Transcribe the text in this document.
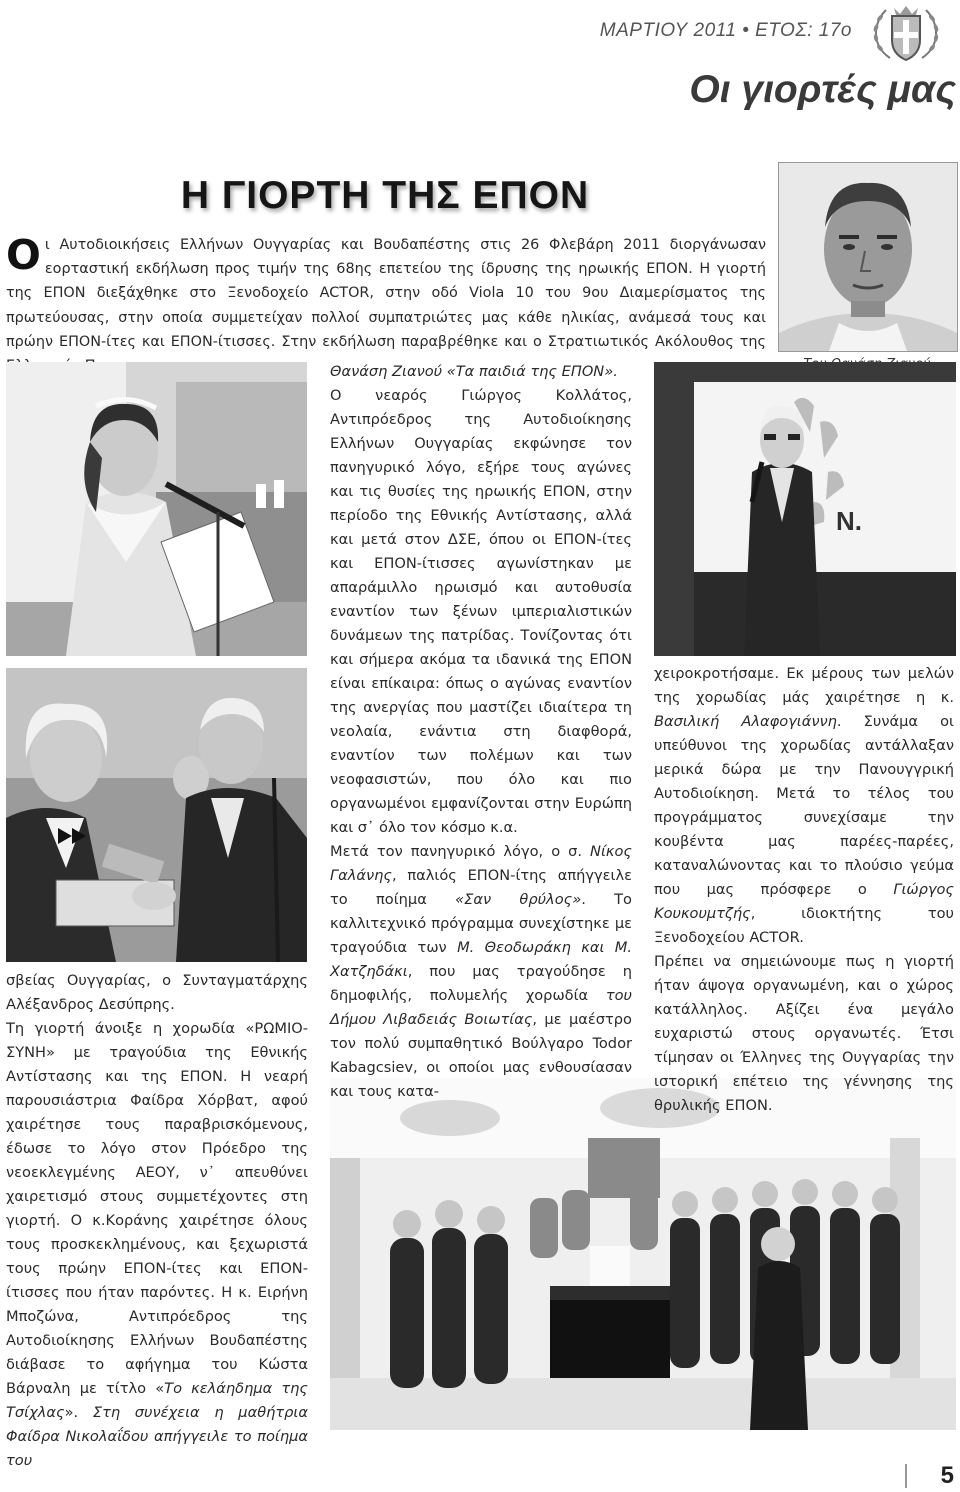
ΜΑΡΤΙΟΥ 2011 • ΕΤΟΣ: 17ο
Οι γιορτές μας
Η ΓΙΟΡΤΗ ΤΗΣ ΕΠΟΝ
Οι Αυτοδιοικήσεις Ελλήνων Ουγγαρίας και Βουδαπέστης στις 26 Φλεβάρη 2011 διοργάνωσαν εορταστική εκδήλωση προς τιμήν της 68ης επετείου της ίδρυσης της ηρωικής ΕΠΟΝ. Η γιορτή της ΕΠΟΝ διεξάχθηκε στο Ξενοδοχείο ACTOR, στην οδό Viola 10 του 9ου Διαμερίσματος της πρωτεύουσας, στην οποία συμμετείχαν πολλοί συμπατριώτες μας κάθε ηλικίας, ανάμεσά τους και πρώην ΕΠΟΝ-ίτες και ΕΠΟΝ-ίτισσες. Στην εκδήλωση παραβρέθηκε και ο Στρατιωτικός Ακόλουθος της
N.

σβείας Ουγγαρίας, ο Συνταγματάρχης Αλέξανδρος Δεσύπρης.

Τη γιορτή άνοιξε η χορωδία «ΡΩΜΙΟ-ΣΥΝΗ» με τραγούδια της Εθνικής Αντίστασης και της ΕΠΟΝ. Η νεαρή παρουσιάστρια Φαίδρα Χόρβατ, αφού χαιρέτησε τους παραβρισκόμενους, έδωσε το λόγο στον Πρόεδρο της νεοεκλεγμένης ΑΕΟΥ, ν᾽ απευθύνει χαιρετισμό στους συμμετέχοντες στη γιορτή. Ο κ.Κοράνης χαιρέτησε όλους τους προσκεκλημένους, και ξεχωριστά τους πρώην ΕΠΟΝ-ίτες και ΕΠΟΝ-ίτισσες που ήταν παρόντες. Η κ. Ειρήνη Μποζώνα, Αντιπρόεδρος της Αυτοδιοίκησης Ελλήνων Βουδαπέστης διάβασε το αφήγημα του Κώστα Βάρναλη με τίτλο «Το κελάηδημα της Τσίχλας». Στη συνέχεια η μαθήτρια Φαίδρα Νικολαΐδου απήγγειλε το ποίημα του

Θανάση Ζιανού «Τα παιδιά της ΕΠΟΝ».

Ο νεαρός Γιώργος Κολλάτος, Αντιπρόεδρος της Αυτοδιοίκησης Ελλήνων Ουγγαρίας εκφώνησε τον πανηγυρικό λόγο, εξήρε τους αγώνες και τις θυσίες της ηρωικής ΕΠΟΝ, στην περίοδο της Εθνικής Αντίστασης, αλλά και μετά στον ΔΣΕ, όπου οι ΕΠΟΝ-ίτες και ΕΠΟΝ-ίτισσες αγωνίστηκαν με απαράμιλλο ηρωισμό και αυτοθυσία εναντίον των ξένων ιμπεριαλιστικών δυνάμεων της πατρίδας. Τονίζοντας ότι και σήμερα ακόμα τα ιδανικά της ΕΠΟΝ είναι επίκαιρα: όπως ο αγώνας εναντίον της ανεργίας που μαστίζει ιδιαίτερα τη νεολαία, ενάντια στη διαφθορά, εναντίον των πολέμων και των νεοφασιστών, που όλο και πιο οργανωμένοι εμφανίζονται στην Ευρώπη και σ᾽ όλο τον κόσμο κ.α.

Μετά τον πανηγυρικό λόγο, ο σ. Νίκος Γαλάνης, παλιός ΕΠΟΝ-ίτης απήγγειλε το ποίημα «Σαν θρύλος». Το καλλιτεχνικό πρόγραμμα συνεχίστηκε με τραγούδια των Μ. Θεοδωράκη και Μ. Χατζηδάκι, που μας τραγούδησε η δημοφιλής, πολυμελής χορωδία του Δήμου Λιβαδειάς Βοιωτίας, με μαέστρο τον πολύ συμπαθητικό Βούλγαρο Todor Kabagcsiev, οι οποίοι μας ενθουσίασαν και τους κατα-

χειροκροτήσαμε. Εκ μέρους των μελών της χορωδίας μάς χαιρέτησε η κ. Βασιλική Αλαφογιάννη. Συνάμα οι υπεύθυνοι της χορωδίας αντάλλαξαν μερικά δώρα με την Πανουγγρική Αυτοδιοίκηση. Μετά το τέλος του προγράμματος συνεχίσαμε την κουβέντα μας παρέες-παρέες, καταναλώνοντας και το πλούσιο γεύμα που μας πρόσφερε ο Γιώργος Κουκουμτζής, ιδιοκτήτης του Ξενοδοχείου ACTOR.

Πρέπει να σημειώνουμε πως η γιορτή ήταν άψογα οργανωμένη, και ο χώρος κατάλληλος. Αξίζει ένα μεγάλο ευχαριστώ στους οργανωτές. Έτσι τίμησαν οι Έλληνες της Ουγγαρίας την ιστορική επέτειο της γέννησης της θρυλικής ΕΠΟΝ.

5
